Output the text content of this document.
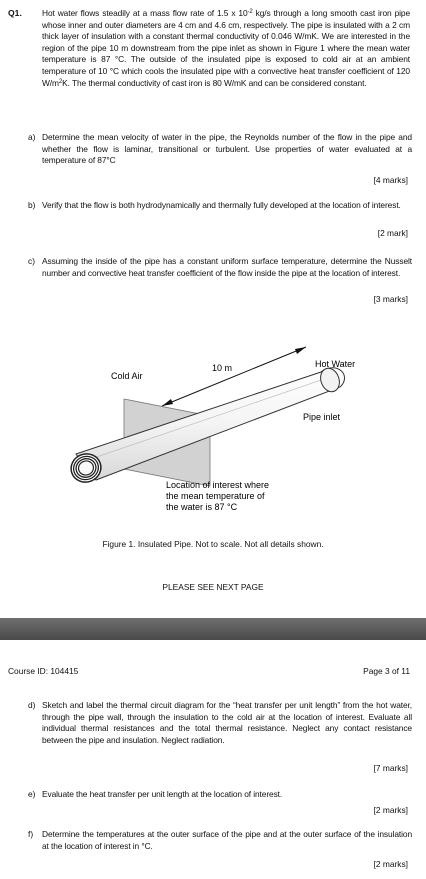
Q1. Hot water flows steadily at a mass flow rate of 1.5 x $10^{-2}$ kg/s through a long smooth cast iron pipe whose inner and outer diameters are 4 cm and 4.6 cm, respectively. The pipe is insulated with a 2 cm thick layer of insulation with a constant thermal conductivity of 0.046 W/mK. We are interested in the region of the pipe 10 m downstream from the pipe inlet as shown in Figure 1 where the mean water temperature is 87 °C. The outside of the insulated pipe is exposed to cold air at an ambient temperature of 10 °C which cools the insulated pipe with a convective heat transfer coefficient of 120 $W/m^2K$. The thermal conductivity of cast iron is 80 W/mK and can be considered constant.
a) Determine the mean velocity of water in the pipe, the Reynolds number of the flow in the pipe and whether the flow is laminar, transitional or turbulent. Use properties of water evaluated at a temperature of 87°C
[4 marks]
b) Verify that the flow is both hydrodynamically and thermally fully developed at the location of interest.
[2 mark]
c) Assuming the inside of the pipe has a constant uniform surface temperature, determine the Nusselt number and convective heat transfer coefficient of the flow inside the pipe at the location of interest.
[3 marks]
10 m
Cold Air
Hot Water
Pipe inlet
Location of interest where
the mean temperature of
the water is 87 °C
Figure 1. Insulated Pipe. Not to scale. Not all details shown.
PLEASE SEE NEXT PAGE
Course ID: 104415	Page 3 of 11
d) Sketch and label the thermal circuit diagram for the “heat transfer per unit length” from the hot water, through the pipe wall, through the insulation to the cold air at the location of interest. Evaluate all individual thermal resistances and the total thermal resistance. Neglect any contact resistance between the pipe and insulation. Neglect radiation.
[7 marks]
e) Evaluate the heat transfer per unit length at the location of interest.
[2 marks]
f) Determine the temperatures at the outer surface of the pipe and at the outer surface of the insulation at the location of interest in °C.
[2 marks]
